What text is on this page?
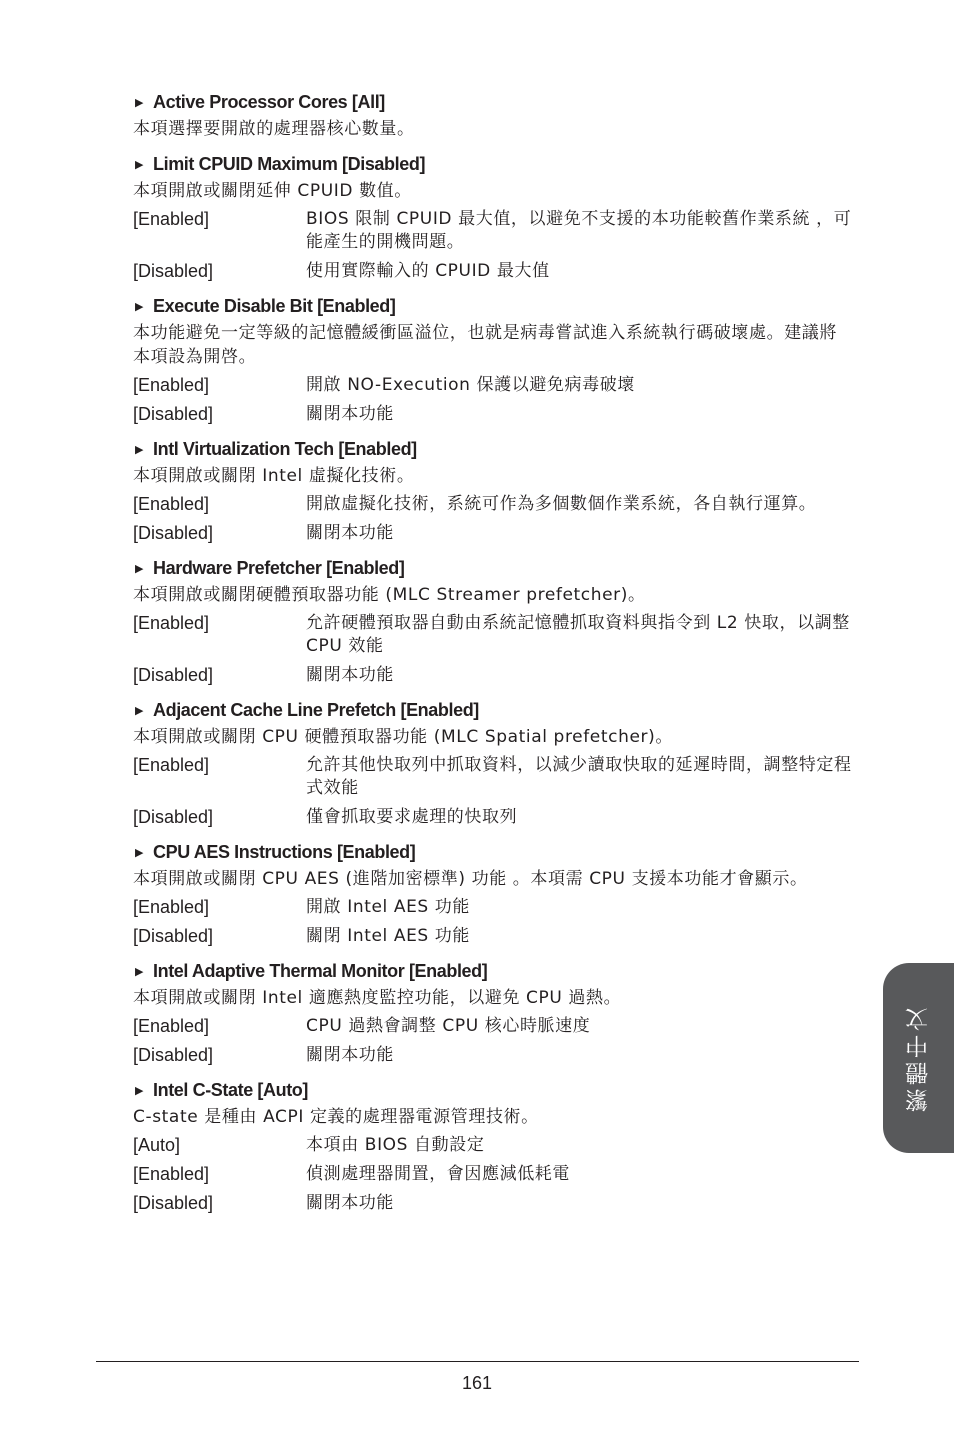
▶ Active Processor Cores [All]
本項選擇要開啟的處理器核心數量。
▶ Limit CPUID Maximum [Disabled]
本項開啟或關閉延伸 CPUID 數值。
[Enabled]	BIOS 限制 CPUID 最大值，以避免不支援的本功能較舊作業系統 ，可能產生的開機問題。
[Disabled]	使用實際輸入的 CPUID 最大值
▶ Execute Disable Bit [Enabled]
本功能避免一定等級的記憶體緩衝區溢位，也就是病毒嘗試進入系統執行碼破壞處。建議將本項設為開啓。
[Enabled]	開啟 NO-Execution 保護以避免病毒破壞
[Disabled]	關閉本功能
▶ Intl Virtualization Tech [Enabled]
本項開啟或關閉 Intel 虛擬化技術。
[Enabled]	開啟虛擬化技術，系統可作為多個數個作業系統，各自執行運算。
[Disabled]	關閉本功能
▶ Hardware Prefetcher [Enabled]
本項開啟或關閉硬體預取器功能 (MLC Streamer prefetcher)。
[Enabled]	允許硬體預取器自動由系統記憶體抓取資料與指令到 L2 快取，以調整 CPU 效能
[Disabled]	關閉本功能
▶ Adjacent Cache Line Prefetch [Enabled]
本項開啟或關閉 CPU 硬體預取器功能 (MLC Spatial prefetcher)。
[Enabled]	允許其他快取列中抓取資料，以減少讀取快取的延遲時間，調整特定程式效能
[Disabled]	僅會抓取要求處理的快取列
▶ CPU AES Instructions [Enabled]
本項開啟或關閉 CPU AES (進階加密標準) 功能 。本項需 CPU 支援本功能才會顯示。
[Enabled]	開啟 Intel AES 功能
[Disabled]	關閉 Intel AES 功能
▶ Intel Adaptive Thermal Monitor [Enabled]
本項開啟或關閉 Intel 適應熱度監控功能，以避免 CPU 過熱。
[Enabled]	CPU 過熱會調整 CPU 核心時脈速度
[Disabled]	關閉本功能
▶ Intel C-State [Auto]
C-state 是種由 ACPI 定義的處理器電源管理技術。
[Auto]	本項由 BIOS 自動設定
[Enabled]	偵測處理器閒置，會因應減低耗電
[Disabled]	關閉本功能
161
繁體中文
